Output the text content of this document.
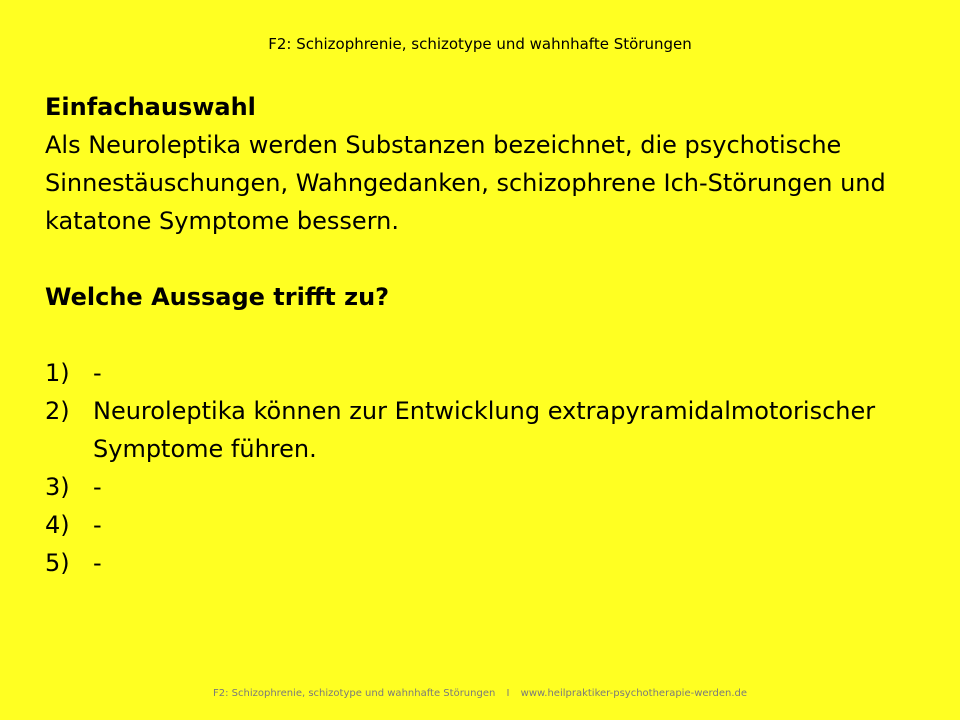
F2: Schizophrenie, schizotype und wahnhafte Störungen

Einfachauswahl

Als Neuroleptika werden Substanzen bezeichnet, die psychotische Sinnestäuschungen, Wahngedanken, schizophrene Ich-Störungen und katatone Symptome bessern.

Welche Aussage trifft zu?

1) -
2) Neuroleptika können zur Entwicklung extrapyramidalmotorischer Symptome führen.
3) -
4) -
5) -
F2: Schizophrenie, schizotype und wahnhafte Störungen I www.heilpraktiker-psychotherapie-werden.de
